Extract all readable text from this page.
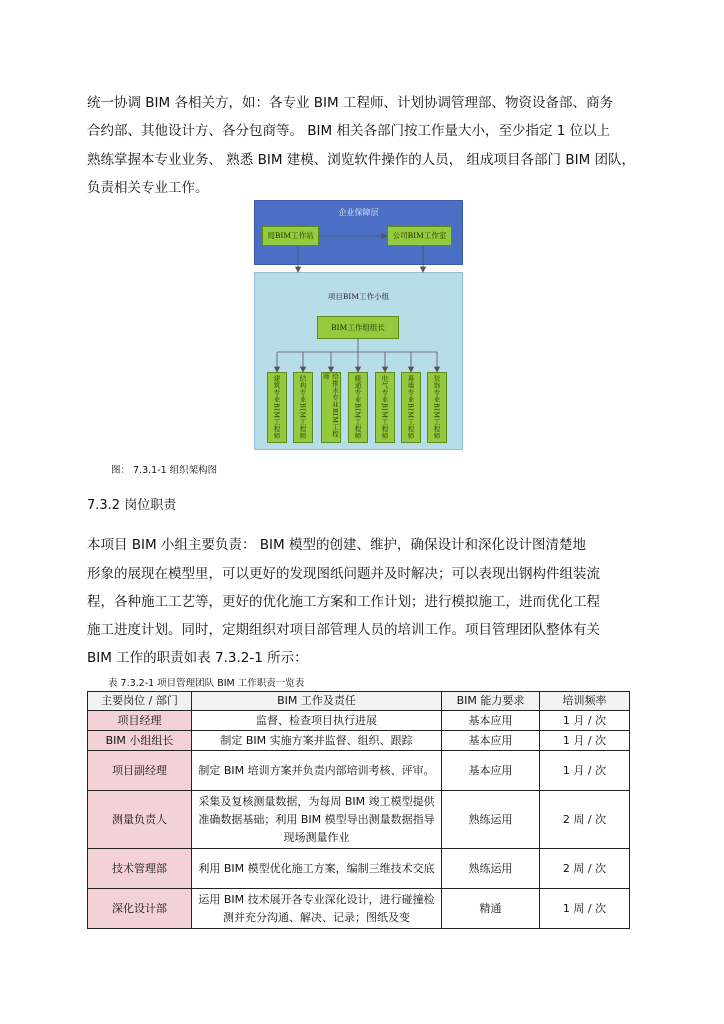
统一协调 BIM 各相关方，如：各专业 BIM 工程师、计划协调管理部、物资设备部、商务
合约部、其他设计方、各分包商等。 BIM 相关各部门按工作量大小，至少指定 1 位以上
熟练掌握本专业业务、 熟悉 BIM 建模、浏览软件操作的人员， 组成项目各部门 BIM 团队，
负责相关专业工作。
企业保障层
局BIM工作站	公司BIM工作室
项目BIM工作小组
BIM工作组组长
建筑专业BIM工程师	结构专业BIM工程师	给排水专业BIM工程师	暖通专业BIM工程师	电气专业BIM工程师	幕墙专业BIM工程师	装饰专业BIM工程师
图： 7.3.1-1 组织架构图
7.3.2 岗位职责
本项目 BIM 小组主要负责： BIM 模型的创建、维护，确保设计和深化设计图清楚地
形象的展现在模型里，可以更好的发现图纸问题并及时解决；可以表现出钢构件组装流
程，各种施工工艺等，更好的优化施工方案和工作计划；进行模拟施工，进而优化工程
施工进度计划。同时，定期组织对项目部管理人员的培训工作。项目管理团队整体有关
BIM 工作的职责如表 7.3.2-1 所示：
表 7.3.2-1 项目管理团队 BIM 工作职责一览表
主要岗位 / 部门	BIM 工作及责任	BIM 能力要求	培训频率
项目经理	监督、检查项目执行进展	基本应用	1 月 / 次
BIM 小组组长	制定 BIM 实施方案并监督、组织、跟踪	基本应用	1 月 / 次
项目副经理	制定 BIM 培训方案并负责内部培训考核、评审。	基本应用	1 月 / 次
测量负责人	采集及复核测量数据，为每周 BIM 竣工模型提供准确数据基础；利用 BIM 模型导出测量数据指导现场测量作业	熟练运用	2 周 / 次
技术管理部	利用 BIM 模型优化施工方案，编制三维技术交底	熟练运用	2 周 / 次
深化设计部	运用 BIM 技术展开各专业深化设计，进行碰撞检测并充分沟通、解决、记录；图纸及变	精通	1 周 / 次
